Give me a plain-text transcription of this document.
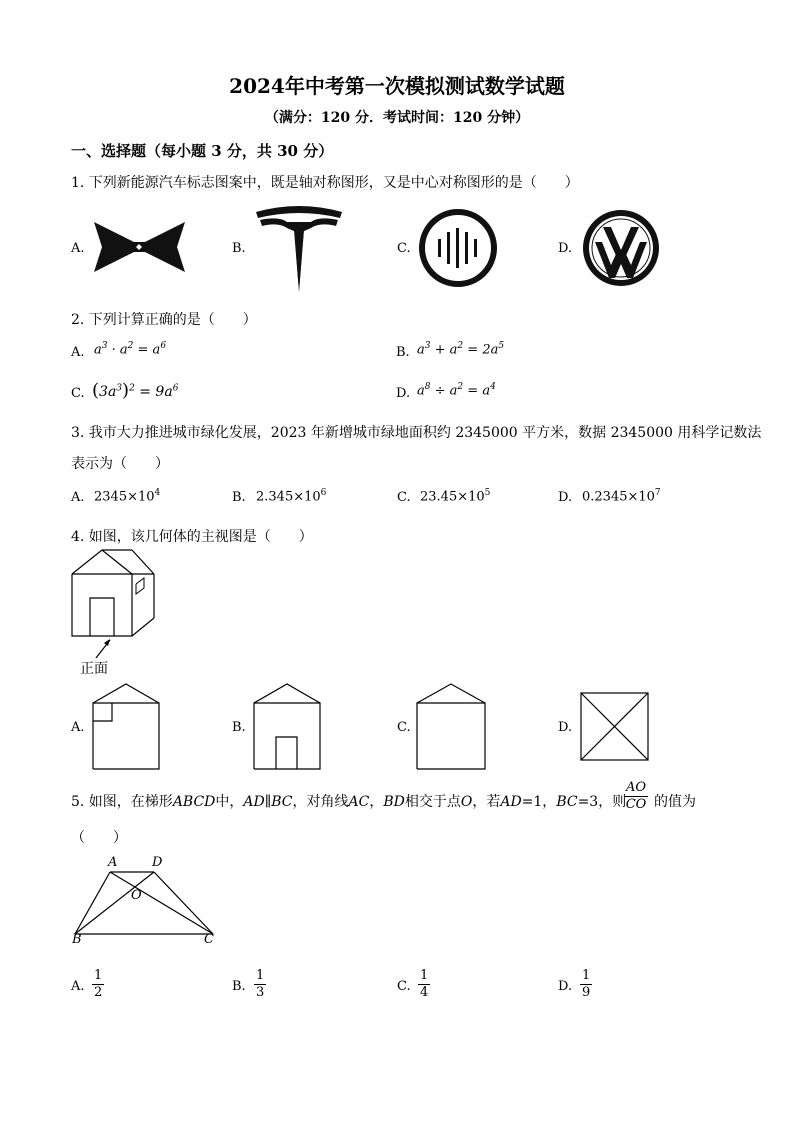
2024年中考第一次模拟测试数学试题
（满分：120 分．考试时间：120 分钟）
一、选择题（每小题 3 分，共 30 分）
1. 下列新能源汽车标志图案中，既是轴对称图形，又是中心对称图形的是（　　）
A.	B.	C.	D.
2. 下列计算正确的是（　　）
A. $a^3 \cdot a^2 = a^6$	B. $a^3 + a^2 = 2a^5$
C. $(3a^3)^2 = 9a^6$	D. $a^8 \div a^2 = a^4$
3. 我市大力推进城市绿化发展，2023 年新增城市绿地面积约 2345000 平方米，数据 2345000 用科学记数法
表示为（　　）
A. $2345\times 10^4$	B. $2.345\times 10^6$	C. $23.45\times 10^5$	D. $0.2345\times 10^7$
4. 如图，该几何体的主视图是（　　）
正面
A.	B.	C.	D.
5. 如图，在梯形ABCD中，AD∥BC，对角线AC，BD相交于点O，若AD=1，BC=3，则
$\frac{AO}{CO}$ 的值为
（　　）
A	D
O
B	C
A. $\frac{1}{2}$	B. $\frac{1}{3}$	C. $\frac{1}{4}$	D. $\frac{1}{9}$
